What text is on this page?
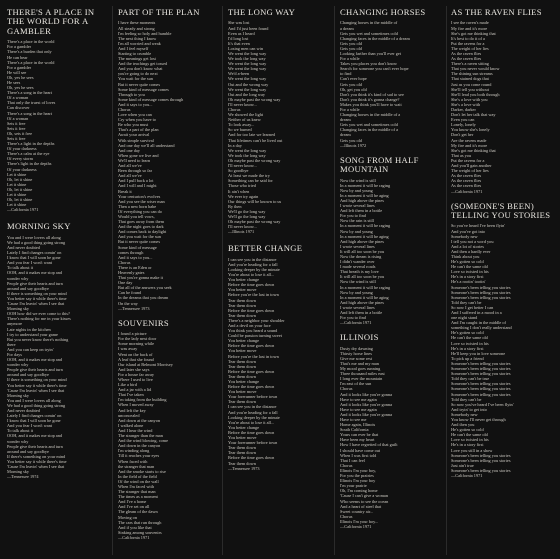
THERE'S A PLACE IN THE WORLD FOR A GAMBLER
There's a place in the world
For a gambler
There's a burden that only
He can bear
There's a place in the world
For a gambler
He will see
Oh, yes he sees
He sees
Oh, yes he sees
There's a song in the heart
Of a woman
That only the truest of loves
Can discover
There's a song in the heart
Of a woman
Sets it free
Sets it free
Oh, sets it free
Sets it free
There's a light in the depths
Of your darkness
There's a calm at the eye
Of every storm
There's light in the depths
Of your darkness
Let it shine
Oh, let it shine
Let it shine
Oh, let it shine
Let it shine
Oh, let it shine
Let it shine
—California 1971
MORNING SKY
You and I were lovers all along
We had a good thing going strong
And never doubted
Lately I find changes comin' on
I know that I will soon be gone
And you fear I won't want
To talk about it
OOH, and it makes me stop and
wonder why
People give their hearts and turn
around and say goodbye
If there is something on your mind
You better say it while there's time
'Cause I'm leavin' when I see that
Morning sky
OOH how did we ever come to this?
There's nothing for me in your kisses
anymore
Late nights in the kitchen
I try to understand your game
But you never know there's nothing
there
And you can keep on tryin'
For days
OOH, and it makes me stop and
wonder why
People give their hearts and turn
around and say goodbye
If there is something on your mind
You better say it while there's time
'Cause I'm leavin' when I see that
Morning sky
You and I were lovers all along
We had a good thing going strong
And never doubted
Lately I find changes comin' on
I know that I will soon be gone
And you fear I won't want
To talk about it
OOH, and it makes me stop and
wonder why
People give their hearts and turn
around and say goodbye
If there's something on your mind
You better say it while there's time
'Cause I'm leavin' when I see that
Morning sky
—Tennessee 1974
PART OF THE PLAN
I have these moments
All steady and strong
I'm feeling so holy and humble
The next thing I know
I'm all worried and weak
And I feel myself
Starting to crumble
The meanings get lost
And the teachings get tossed
And you don't know what
you're going to do next
You wait for the sun
But it never quite comes
Some kind of message comes
Through to you
Some kind of message comes through
And it says to you...
Chorus
Love when you can
Cry when you have to
Be who you must
That's a part of the plan
Await your arrival
With simple survival
And one day we'll all understand
And one day
When gone we live and
We'll need to learn
And all we've
Been through so far
And all we've
And I pull back a lot
And I will and I might
Break it
Your centurion's evolves
And you see the wiser man
Then a new born babe
Of everything you can do
Would you tell vows,
That goes away from them
And the night goes to dark
And comes back to daylight
And you wait for the sun
But it never quite comes
Some kind of message
comes through
And it says to you...
Chorus
There is an Eden or
Heavenly gates
That you're gonna make it
One day
But all of the answers you seek
Can be found
In the dreams that you dream
On the way
—Tennessee 1973
SOUVENIRS
I found a picture
For the lady next door
Some morning while
I was away
Went on the back of
A leaf that she found
Our island at Belmont Morrisey
And later she says
For a house far away
Where I used to live
Like a bird
And a jar with a lid
That I've taken
I'm taking from the building
When I moved away
And left the key
unconcealed
And down at the canyon
I walked alone
And I hear the wind
The stranger than the man
And the wind blowing, come
And down in the canyon
I'm winding along
Till it reaches your eyes
When faced with
the stranger that man
And the smoke starts to rise
In the field of the field
Of the wind on the wall
When I'm faced with
The stranger that man
The times as a moment
And I've a home
And I've set on all
The gleam of the dawn
Moving on
The cars that run through
And if you like that
Sinking among souvenirs
—California 1971
THE LONG WAY
She was lost
And I'd just been found
Even as I heard
I'd long lost
It's that even
Losing men can win
We went the long way
We took the long way
We went the long way
We went the long way
We'd a-been
We went the long way
Out and the wrong way
We went the long way
Out and the long way
Oh maybe past the wrong way
I'll never know...
Chorus
We showed the light
Neither of us knew
To look away...
So we burned
And for too late we learned
That lifetimes can't be lived out
In a day
We went the long way
We took the long way
Oh maybe past the wrong way
I'll never know...
So goodbye
At least we made the try
Something can be said for
Those who tried
It ain't when
We ever try again
Our things will be known to us
By then
We'll go the long way
We'll go the long way
Oh maybe past the wrong way
I'll never know...
—Illinois 1971
BETTER CHANGE
I can see you in the distance
And you're heading for a fall
Looking deeper by the minute
You're about to lose it all...
You better change
Before the time goes down
You better move
Before you're the last in town
Tear them down
Tear them down
Before the time goes down
Tear them down
There's a neighbor your shoulder
And a devil on your face
You think you heard a sound
Could be passion turning sweet
You better change
Before the time goes down
You better move
Before you're the last in town
Tear them down
Tear them down
Before the time goes down
Tear them down
You better change
Before the time goes down
You better move
Your forerunner before town
Tear them down
I can see you in the distance
And you're heading for a fall
Looking deeper by the minute
You're about to lose it all...
You better change
Before the time goes down
You better move
Your forerunner before town
Tear them down
Tear them down
Before the time goes down
Tear them down
—Tennessee 1973
CHANGING HORSES
Changing horses in the middle of
a dream
Gets you wet and sometimes cold
Changing faces in the middle of a dream
Gets you old
Gets you old
Looking farther than you'll ever get
For a while
Takes you places you don't know
Search for someone you can't ever hope
to find
Can't ever hope
Gets you old
Oh, get you old
Don't you think it's kind of sad to see
Don't you think it's gonna change?
Makes you think you'll have to wait
For a while
Changing horses in the middle of a
dream
Gets you wet and sometimes cold
Changing faces in the middle of a
dream
Gets you old
—Illinois 1972
SONG FROM HALF MOUNTAIN
Now the wind is still
In a moment it will be raging
Now by and young
In a moment it will be aging
And high above the pines
I wrote several lines
And left them in a bottle
For you to find
Now the rain is still
In a moment it will be raging
Now by and young
In a moment it will be aging
And high above the pines
I wrote several lines
It will all too soon be you
Now the dream is rising
I didn't wander over
I made several roads
That breath is my love
It will all too soon be you
Now the wind is still
In a moment it will be raging
Now by and young
In a moment it will be aging
And high above the pines
I wrote several lines
And left them in a bottle
For you to find
—California 1971
ILLINOIS
Dusty dry dawning
Thirsty horse lines
Give me some rest
That's me and my man
My mood goes running
Three thousand miles east
I long ever the mountain
I'm east of the sun
Chorus
And it looks like you're gonna
Have to see me again
And it looks like you're gonna
Have to see me again
And it looks like you're gonna
Have to see me
Home again, Illinois
South California
Yours can ever be that
Have been my heart
How I have regretted of that guilt
I should have come out
When I was first told
That I can feel
Chorus
Illinois I'm your boy,
For you the prairies
Illinois I'm your boy
I'm your prairie
Oh, I'm coming home
'Cause I can't give a woman
Who seems to see the ocean
And a heart of steel that
Sweet country air...
Chorus
Illinois I'm your boy...
—California 1971
AS THE RAVEN FLIES
I see the raven's made
My fire and it's more
She's got me thinking that
It's best to do it of a
Put the ravens for a
The weight of her lies
As the raven flies
As the raven flies
There's a raven sitting
That you never would know
The shining sun streams
That stained dogs that
Just as you come round
She'll tell you without
She'll lead you both through
She's a love with you
She's a love with
Darker, darker
Don't let her talk that way
Even you can
Lonely, lonely
You know she's lonely
Don't get her
Are the ravens made
My fire and it's more
She's got me thinking that
That as you
Put the ravens for a
And you'll gain another
The weight of her lies
As the raven flies
As the raven flies
As the raven flies
—California 1971
(SOMEONE'S BEEN) TELLING YOU STORIES
So you've heard I've been flyin'
And you've got into
Somebody new
I tell you not a word you
And a lot of stories
And then a hardly ever
Think about you
He's gotten so cold
He can't the same old
Love so twisted in his
He's in a story first
He's a rootin' tootin'
Someone's been telling you stories
Someone's been telling you stories
Someone's been telling you stories
Told they can't be
So now I get better I can
And I suffered in a mood in a
one night stand
And I'm caught in the middle of
something I don't really understand
He's gotten so cold
He can't the same old
Love so twisted in his
He's in a story first
He'll keep you in love someone
To pick up a friend
Someone's been telling you stories
Someone's been telling you stories
Someone's been telling you stories
Told they can't be true
Someone's been telling you stories
Someone's been telling you stories
Someone's been telling you stories
Told they can't be
So now you've heard I've been flyin'
And tryin' to get into
Somebody new
You know I'll never get through
And then you
He's gotten so cold
He can't the same old
Love so twisted in his
He's in a story first
Love you still in a show
Someone's been telling you stories
Someone's been telling you stories
Just ain't true
Someone's been telling you stories
—California 1971
